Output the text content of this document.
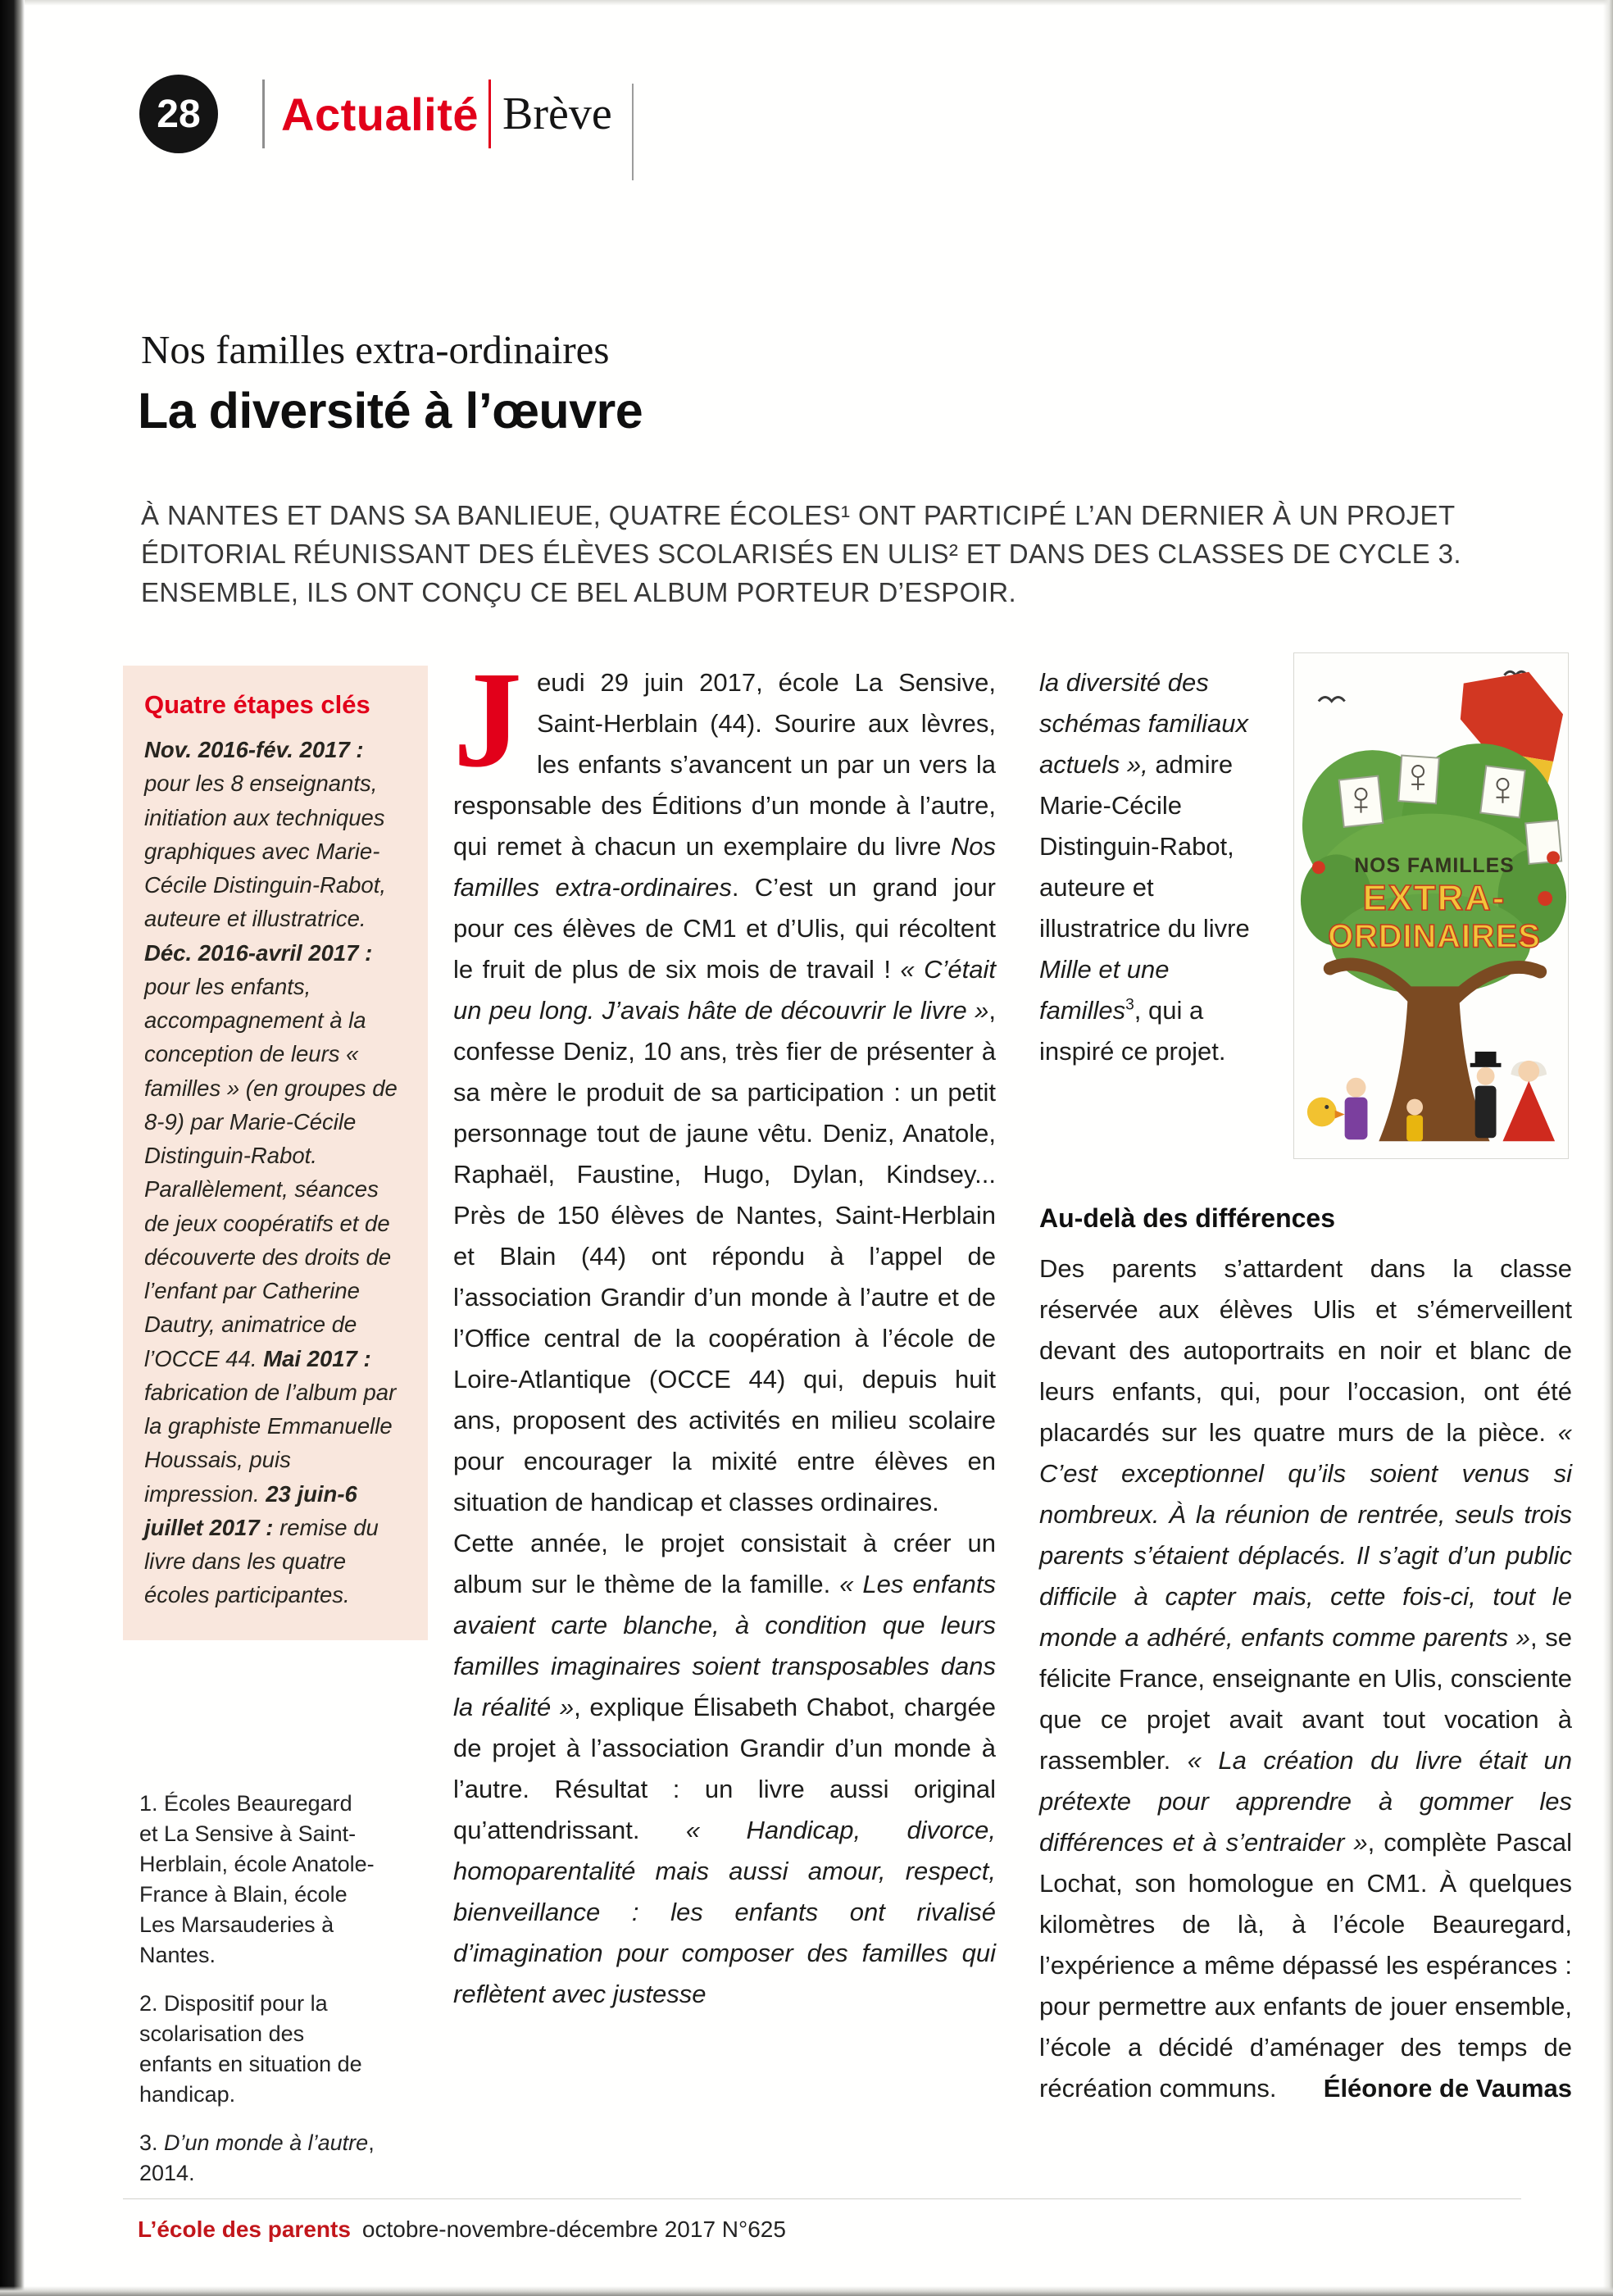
28	Actualité Brève
Nos familles extra-ordinaires
La diversité à l’œuvre

À NANTES ET DANS SA BANLIEUE, QUATRE ÉCOLES¹ ONT PARTICIPÉ L’AN DERNIER À UN PROJET ÉDITORIAL RÉUNISSANT DES ÉLÈVES SCOLARISÉS EN ULIS² ET DANS DES CLASSES DE CYCLE 3. ENSEMBLE, ILS ONT CONÇU CE BEL ALBUM PORTEUR D’ESPOIR.

Quatre étapes clés

Nov. 2016-fév. 2017 : pour les 8 enseignants, initiation aux techniques graphiques avec Marie-Cécile Distinguin-Rabot, auteure et illustratrice. Déc. 2016-avril 2017 : pour les enfants, accompagnement à la conception de leurs « familles » (en groupes de 8-9) par Marie-Cécile Distinguin-Rabot. Parallèlement, séances de jeux coopératifs et de découverte des droits de l’enfant par Catherine Dautry, animatrice de l’OCCE 44. Mai 2017 : fabrication de l’album par la graphiste Emmanuelle Houssais, puis impression. 23 juin-6 juillet 2017 : remise du livre dans les quatre écoles participantes.

1. Écoles Beauregard et La Sensive à Saint-Herblain, école Anatole-France à Blain, école Les Marsauderies à Nantes.

2. Dispositif pour la scolarisation des enfants en situation de handicap.

3. D’un monde à l’autre, 2014.

Jeudi 29 juin 2017, école La Sensive, Saint-Herblain (44). Sourire aux lèvres, les enfants s’avancent un par un vers la responsable des Éditions d’un monde à l’autre, qui remet à chacun un exemplaire du livre Nos familles extra-ordinaires. C’est un grand jour pour ces élèves de CM1 et d’Ulis, qui récoltent le fruit de plus de six mois de travail ! « C’était un peu long. J’avais hâte de découvrir le livre », confesse Deniz, 10 ans, très fier de présenter à sa mère le produit de sa participation : un petit personnage tout de jaune vêtu. Deniz, Anatole, Raphaël, Faustine, Hugo, Dylan, Kindsey... Près de 150 élèves de Nantes, Saint-Herblain et Blain (44) ont répondu à l’appel de l’association Grandir d’un monde à l’autre et de l’Office central de la coopération à l’école de Loire-Atlantique (OCCE 44) qui, depuis huit ans, proposent des activités en milieu scolaire pour encourager la mixité entre élèves en situation de handicap et classes ordinaires.

Cette année, le projet consistait à créer un album sur le thème de la famille. « Les enfants avaient carte blanche, à condition que leurs familles imaginaires soient transposables dans la réalité », explique Élisabeth Chabot, chargée de projet à l’association Grandir d’un monde à l’autre. Résultat : un livre aussi original qu’attendrissant. « Handicap, divorce, homoparentalité mais aussi amour, respect, bienveillance : les enfants ont rivalisé d’imagination pour composer des familles qui reflètent avec justesse

la diversité des schémas familiaux actuels », admire Marie-Cécile Distinguin-Rabot, auteure et illustratrice du livre Mille et une familles$^3$, qui a inspiré ce projet.

NOS FAMILLES
EXTRA-
ORDINAIRES
Au-delà des différences

Des parents s’attardent dans la classe réservée aux élèves Ulis et s’émerveillent devant des autoportraits en noir et blanc de leurs enfants, qui, pour l’occasion, ont été placardés sur les quatre murs de la pièce. « C’est exceptionnel qu’ils soient venus si nombreux. À la réunion de rentrée, seuls trois parents s’étaient déplacés. Il s’agit d’un public difficile à capter mais, cette fois-ci, tout le monde a adhéré, enfants comme parents », se félicite France, enseignante en Ulis, consciente que ce projet avait avant tout vocation à rassembler. « La création du livre était un prétexte pour apprendre à gommer les différences et à s’entraider », complète Pascal Lochat, son homologue en CM1. À quelques kilomètres de là, à l’école Beauregard, l’expérience a même dépassé les espérances : pour permettre aux enfants de jouer ensemble, l’école a décidé d’aménager des temps de récréation communs.	Éléonore de Vaumas
L’école des parents octobre-novembre-décembre 2017 N°625
